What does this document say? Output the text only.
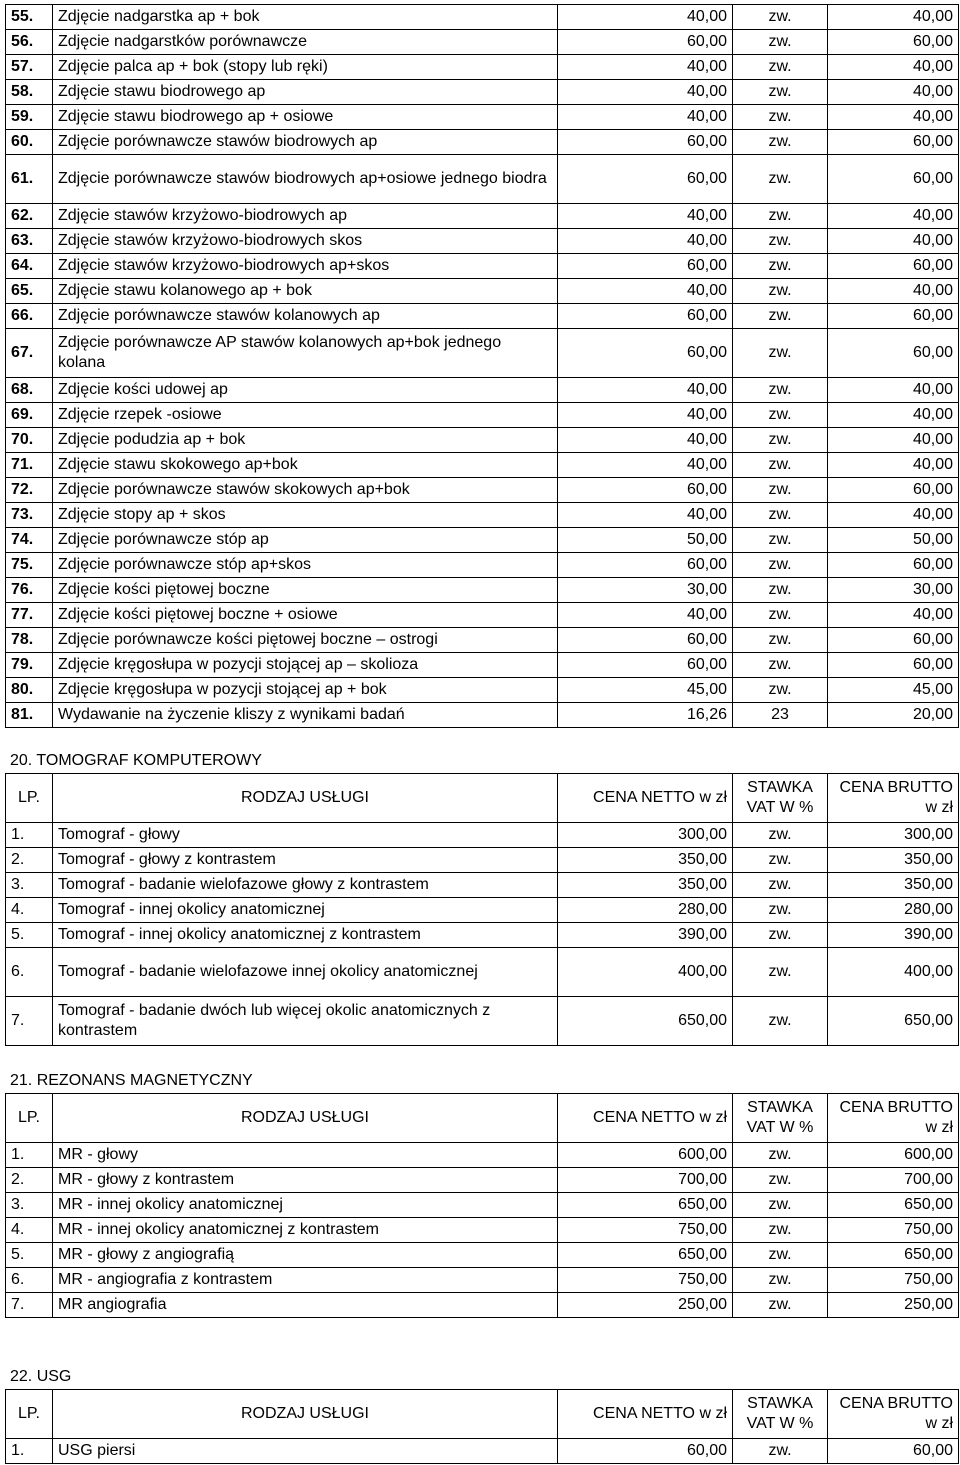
55.	Zdjęcie nadgarstka ap + bok	40,00	zw.	40,00
56.	Zdjęcie nadgarstków porównawcze	60,00	zw.	60,00
57.	Zdjęcie palca ap + bok (stopy lub ręki)	40,00	zw.	40,00
58.	Zdjęcie stawu biodrowego ap	40,00	zw.	40,00
59.	Zdjęcie stawu biodrowego ap + osiowe	40,00	zw.	40,00
60.	Zdjęcie porównawcze stawów biodrowych ap	60,00	zw.	60,00
61.	Zdjęcie porównawcze stawów biodrowych ap+osiowe jednego biodra	60,00	zw.	60,00
62.	Zdjęcie stawów krzyżowo-biodrowych ap	40,00	zw.	40,00
63.	Zdjęcie stawów krzyżowo-biodrowych skos	40,00	zw.	40,00
64.	Zdjęcie stawów krzyżowo-biodrowych ap+skos	60,00	zw.	60,00
65.	Zdjęcie stawu kolanowego ap + bok	40,00	zw.	40,00
66.	Zdjęcie porównawcze stawów kolanowych ap	60,00	zw.	60,00
67.	Zdjęcie porównawcze AP stawów kolanowych ap+bok jednego kolana	60,00	zw.	60,00
68.	Zdjęcie kości udowej ap	40,00	zw.	40,00
69.	Zdjęcie rzepek -osiowe	40,00	zw.	40,00
70.	Zdjęcie podudzia ap + bok	40,00	zw.	40,00
71.	Zdjęcie stawu skokowego ap+bok	40,00	zw.	40,00
72.	Zdjęcie porównawcze stawów skokowych ap+bok	60,00	zw.	60,00
73.	Zdjęcie stopy ap + skos	40,00	zw.	40,00
74.	Zdjęcie porównawcze stóp ap	50,00	zw.	50,00
75.	Zdjęcie porównawcze stóp ap+skos	60,00	zw.	60,00
76.	Zdjęcie kości piętowej boczne	30,00	zw.	30,00
77.	Zdjęcie kości piętowej boczne + osiowe	40,00	zw.	40,00
78.	Zdjęcie porównawcze kości piętowej boczne – ostrogi	60,00	zw.	60,00
79.	Zdjęcie kręgosłupa w pozycji stojącej ap – skolioza	60,00	zw.	60,00
80.	Zdjęcie kręgosłupa w pozycji stojącej ap + bok	45,00	zw.	45,00
81.	Wydawanie na życzenie kliszy z wynikami badań	16,26	23	20,00
20. TOMOGRAF KOMPUTEROWY
LP.	RODZAJ USŁUGI	CENA NETTO w zł	STAWKA VAT W %	CENA BRUTTO w zł
1.	Tomograf - głowy	300,00	zw.	300,00
2.	Tomograf - głowy z kontrastem	350,00	zw.	350,00
3.	Tomograf - badanie wielofazowe głowy z kontrastem	350,00	zw.	350,00
4.	Tomograf - innej okolicy anatomicznej	280,00	zw.	280,00
5.	Tomograf - innej okolicy anatomicznej z kontrastem	390,00	zw.	390,00
6.	Tomograf - badanie wielofazowe innej okolicy anatomicznej	400,00	zw.	400,00
7.	Tomograf - badanie dwóch lub więcej okolic anatomicznych z kontrastem	650,00	zw.	650,00
21. REZONANS MAGNETYCZNY
LP.	RODZAJ USŁUGI	CENA NETTO w zł	STAWKA VAT W %	CENA BRUTTO w zł
1.	MR - głowy	600,00	zw.	600,00
2.	MR - głowy z kontrastem	700,00	zw.	700,00
3.	MR - innej okolicy anatomicznej	650,00	zw.	650,00
4.	MR - innej okolicy anatomicznej z kontrastem	750,00	zw.	750,00
5.	MR - głowy z angiografią	650,00	zw.	650,00
6.	MR - angiografia z kontrastem	750,00	zw.	750,00
7.	MR angiografia	250,00	zw.	250,00
22. USG
LP.	RODZAJ USŁUGI	CENA NETTO w zł	STAWKA VAT W %	CENA BRUTTO w zł
1.	USG piersi	60,00	zw.	60,00
